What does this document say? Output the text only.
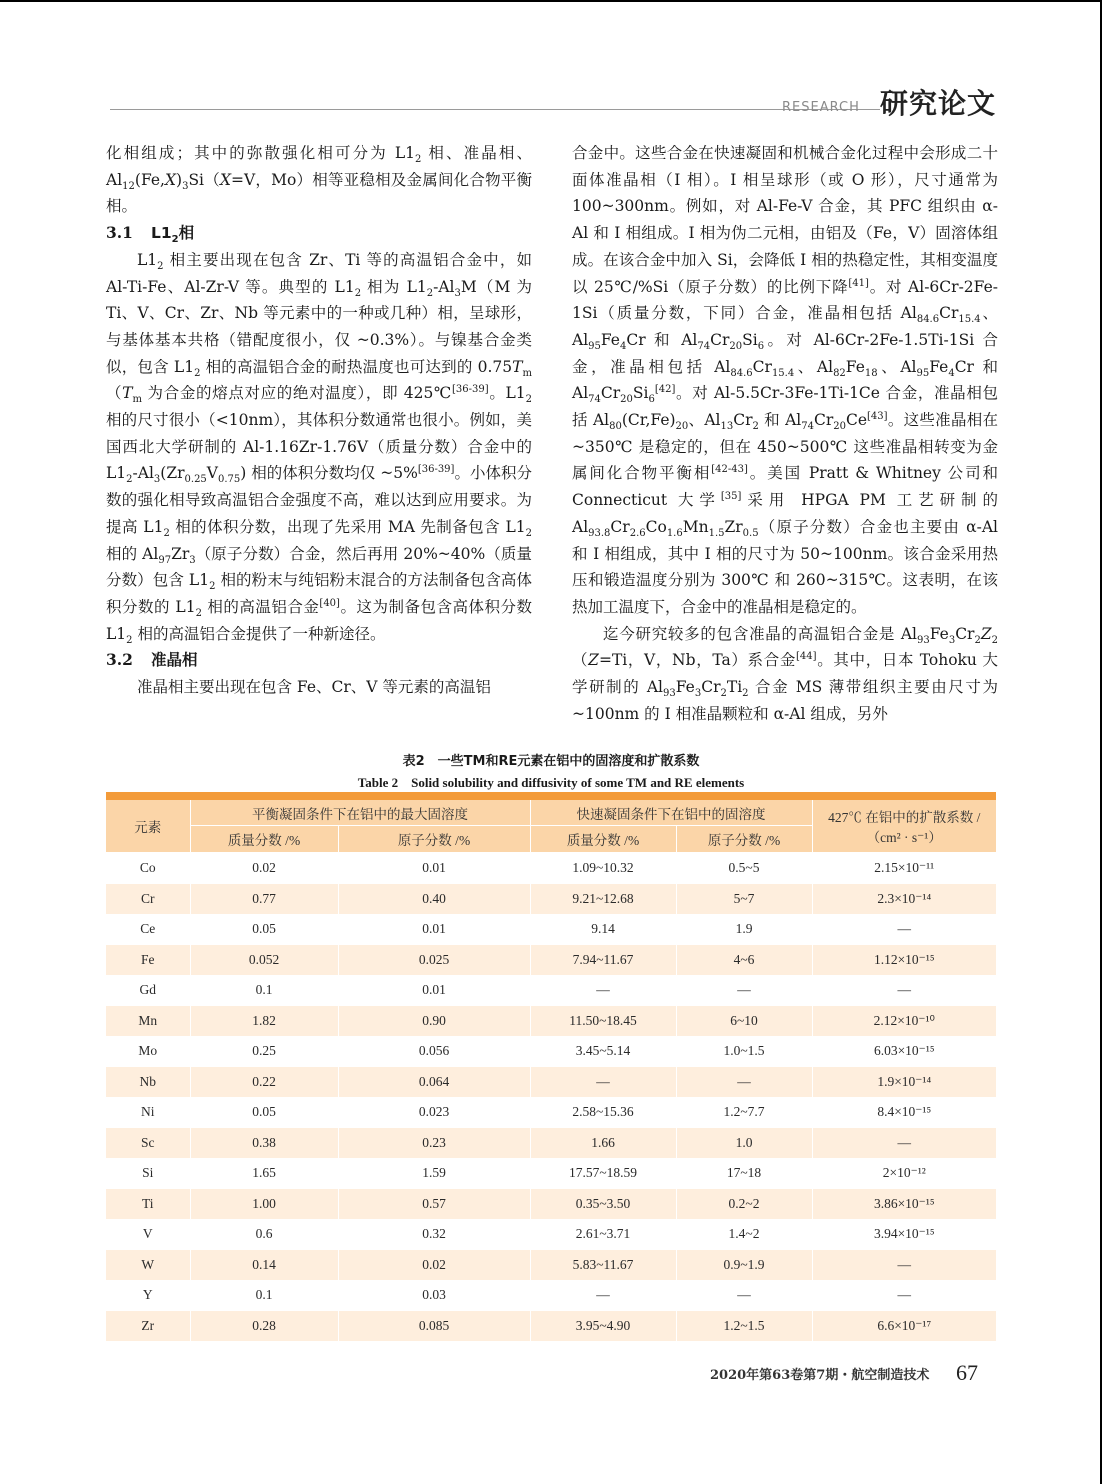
RESEARCH 研究论文

化相组成；其中的弥散强化相可分为 $L1_2$ 相、准晶相、$Al_{12}(Fe,X)_3Si(X=V$，Mo）相等亚稳相及金属间化合物平衡相。

3.1 $L1_2$相

$L1_2$ 相主要出现在包含 Zr、Ti 等的高温铝合金中，如 Al-Ti-Fe、Al-Zr-V 等。典型的 $L1_2$ 相为 $L1_2-Al_3M(M$ 为 Ti、V、Cr、Zr、Nb 等元素中的一种或几种）相，呈球形，与基体基本共格（错配度很小，仅 ~0.3%）。与镍基合金类似，包含 $L1_2$ 相的高温铝合金的耐热温度也可达到的 $0.75T_m(T_m$ 为合金的熔点对应的绝对温度），即 425℃[36-39]。$L1_2$ 相的尺寸很小（<10nm），其体积分数通常也很小。例如，美国西北大学研制的 Al-1.16Zr-1.76V（质量分数）合金中的 $L1_2-Al_3(Zr_{0.25}V_{0.75})$ 相的体积分数均仅 ~5%[36-39]。小体积分数的强化相导致高温铝合金强度不高，难以达到应用要求。为提高 $L1_2$ 相的体积分数，出现了先采用 MA 先制备包含 $L1_2$ 相的 $Al_{97}Zr_3$（原子分数）合金，然后再用 20%~40%（质量分数）包含 $L1_2$ 相的粉末与纯铝粉末混合的方法制备包含高体积分数的 $L1_2$ 相的高温铝合金[40]。这为制备包含高体积分数 $L1_2$ 相的高温铝合金提供了一种新途径。

3.2 准晶相

准晶相主要出现在包含 Fe、Cr、V 等元素的高温铝

合金中。这些合金在快速凝固和机械合金化过程中会形成二十面体准晶相（I 相）。I 相呈球形（或 O 形），尺寸通常为 100~300nm。例如，对 Al-Fe-V 合金，其 PFC 组织由 α-Al 和 I 相组成。I 相为伪二元相，由铝及（Fe，V）固溶体组成。在该合金中加入 Si，会降低 I 相的热稳定性，其相变温度以 25℃/%Si（原子分数）的比例下降[41]。对 Al-6Cr-2Fe-1Si（质量分数，下同）合金，准晶相包括 $Al_{84.6}Cr_{15.4}$、$Al_{95}Fe_4Cr$ 和 $Al_{74}Cr_{20}Si_6$。对 Al-6Cr-2Fe-1.5Ti-1Si 合金，准晶相包括 $Al_{84.6}Cr_{15.4}$、$Al_{82}Fe_{18}$、$Al_{95}Fe_4Cr$ 和 $Al_{74}Cr_{20}Si_6[42]$。对 Al-5.5Cr-3Fe-1Ti-1Ce 合金，准晶相包括 $Al_{80}(Cr,Fe)_{20}$、$Al_{13}Cr_2$ 和 $Al_{74}Cr_{20}Ce[43]$。这些准晶相在 ~350℃ 是稳定的，但在 450~500℃ 这些准晶相转变为金属间化合物平衡相[42-43]。美国 Pratt & Whitney 公司和 Connecticut 大学[35]采用 HPGA PM 工艺研制的 $Al_{93.8}Cr_{2.6}Co_{1.6}Mn_{1.5}Zr_{0.5}$（原子分数）合金也主要由 α-Al 和 I 相组成，其中 I 相的尺寸为 50~100nm。该合金采用热压和锻造温度分别为 300℃ 和 260~315℃。这表明，在该热加工温度下，合金中的准晶相是稳定的。

迄今研究较多的包含准晶的高温铝合金是 $Al_{93}Fe_3Cr_2Z_2(Z=Ti$，V，Nb，Ta）系合金[44]。其中，日本 Tohoku 大学研制的 $Al_{93}Fe_3Cr_2Ti_2$ 合金 MS 薄带组织主要由尺寸为 ~100nm 的 I 相准晶颗粒和 α-Al 组成，另外

表2　一些TM和RE元素在铝中的固溶度和扩散系数
Table 2　Solid solubility and diffusivity of some TM and RE elements

元素	平衡凝固条件下在铝中的最大固溶度		快速凝固条件下在铝中的固溶度		427℃ 在铝中的扩散系数 /
（cm² · s⁻¹）

	质量分数 /%	原子分数 /%	质量分数 /%	原子分数 /%	
Co	0.02	0.01	1.09~10.32	0.5~5	2.15×10⁻¹¹
Cr	0.77	0.40	9.21~12.68	5~7	2.3×10⁻¹⁴
Ce	0.05	0.01	9.14	1.9	—
Fe	0.052	0.025	7.94~11.67	4~6	1.12×10⁻¹⁵
Gd	0.1	0.01	—	—	—
Mn	1.82	0.90	11.50~18.45	6~10	2.12×10⁻¹⁰
Mo	0.25	0.056	3.45~5.14	1.0~1.5	6.03×10⁻¹⁵
Nb	0.22	0.064	—	—	1.9×10⁻¹⁴
Ni	0.05	0.023	2.58~15.36	1.2~7.7	8.4×10⁻¹⁵
Sc	0.38	0.23	1.66	1.0	—
Si	1.65	1.59	17.57~18.59	17~18	2×10⁻¹²
Ti	1.00	0.57	0.35~3.50	0.2~2	3.86×10⁻¹⁵
V	0.6	0.32	2.61~3.71	1.4~2	3.94×10⁻¹⁵
W	0.14	0.02	5.83~11.67	0.9~1.9	—
Y	0.1	0.03	—	—	—
Zr	0.28	0.085	3.95~4.90	1.2~1.5	6.6×10⁻¹⁷
2020年第63卷第7期・航空制造技术 67
